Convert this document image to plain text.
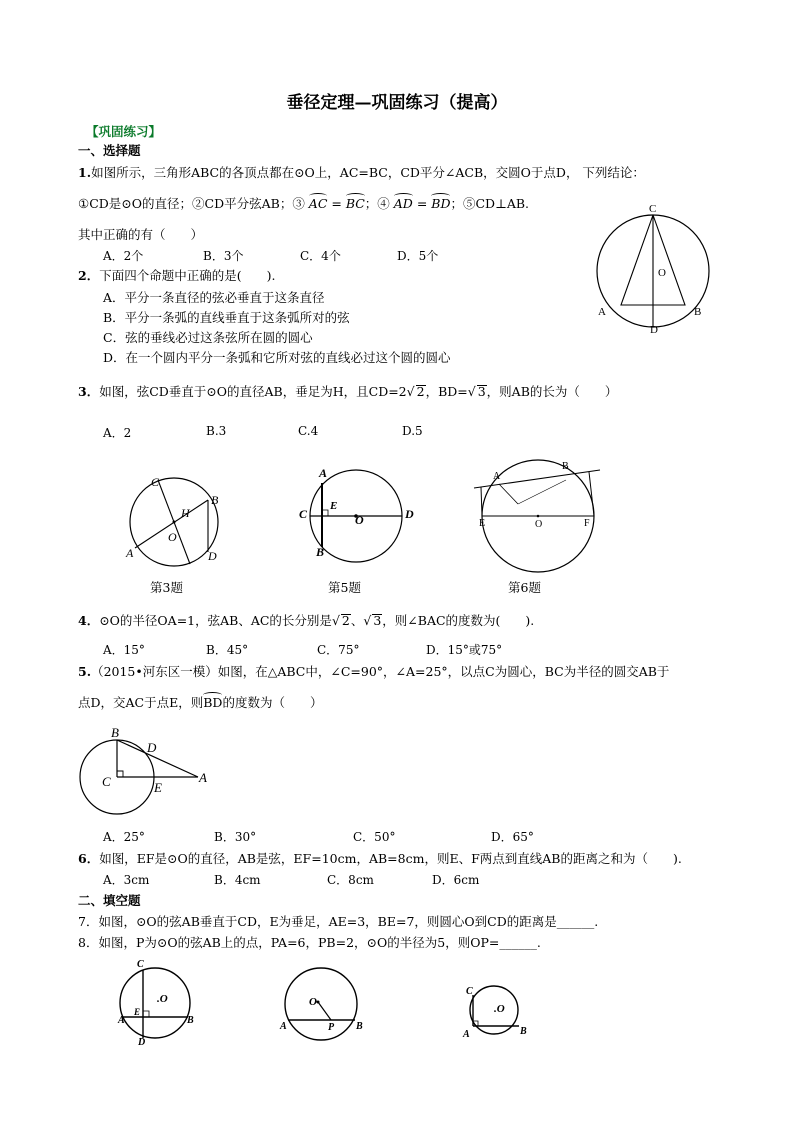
垂径定理—巩固练习（提高）
【巩固练习】
一、选择题
1.如图所示，三角形ABC的各顶点都在⊙O上，AC=BC，CD平分∠ACB，交圆O于点D， 下列结论：
①CD是⊙O的直径；②CD平分弦AB；③ AC = BC；④ AD = BD；⑤CD⊥AB.
其中正确的有（　　）
A．2个	B．3个	C．4个	D．5个
C
O
A	B
D
2．下面四个命题中正确的是(　　).
A．平分一条直径的弦必垂直于这条直径
B．平分一条弧的直线垂直于这条弧所对的弦
C．弦的垂线必过这条弦所在圆的圆心
D．在一个圆内平分一条弧和它所对弦的直线必过这个圆的圆心
3．如图，弦CD垂直于⊙O的直径AB，垂足为H，且CD=2√ 2，BD=√ 3，则AB的长为（　　）
A．2	B.3	C.4	D.5
C
H
O
B
A	D
第3题
A
E
C	O	D
B
第5题
A
B
E	O	F
第6题
4．⊙O的半径OA=1，弦AB、AC的长分别是√ 2、√ 3，则∠BAC的度数为(　　).
A．15°	B．45°	C．75°	D．15°或75°
5.（2015•河东区一模）如图，在△ABC中，∠C=90°，∠A=25°，以点C为圆心，BC为半径的圆交AB于
点D，交AC于点E，则BD的度数为（　　）
B
D
C	E
A
A．25°	B．30°	C．50°	D．65°
6．如图，EF是⊙O的直径，AB是弦，EF=10cm，AB=8cm，则E、F两点到直线AB的距离之和为（　　).
A．3cm	B．4cm	C．8cm	D．6cm
二、填空题
7．如图，⊙O的弦AB垂直于CD，E为垂足，AE=3，BE=7，则圆心O到CD的距离是______.
8．如图，P为⊙O的弦AB上的点，PA=6，PB=2，⊙O的半径为5，则OP=______.
C
.O
E
A	B
D
O
A	P B
C
.O
A	B
